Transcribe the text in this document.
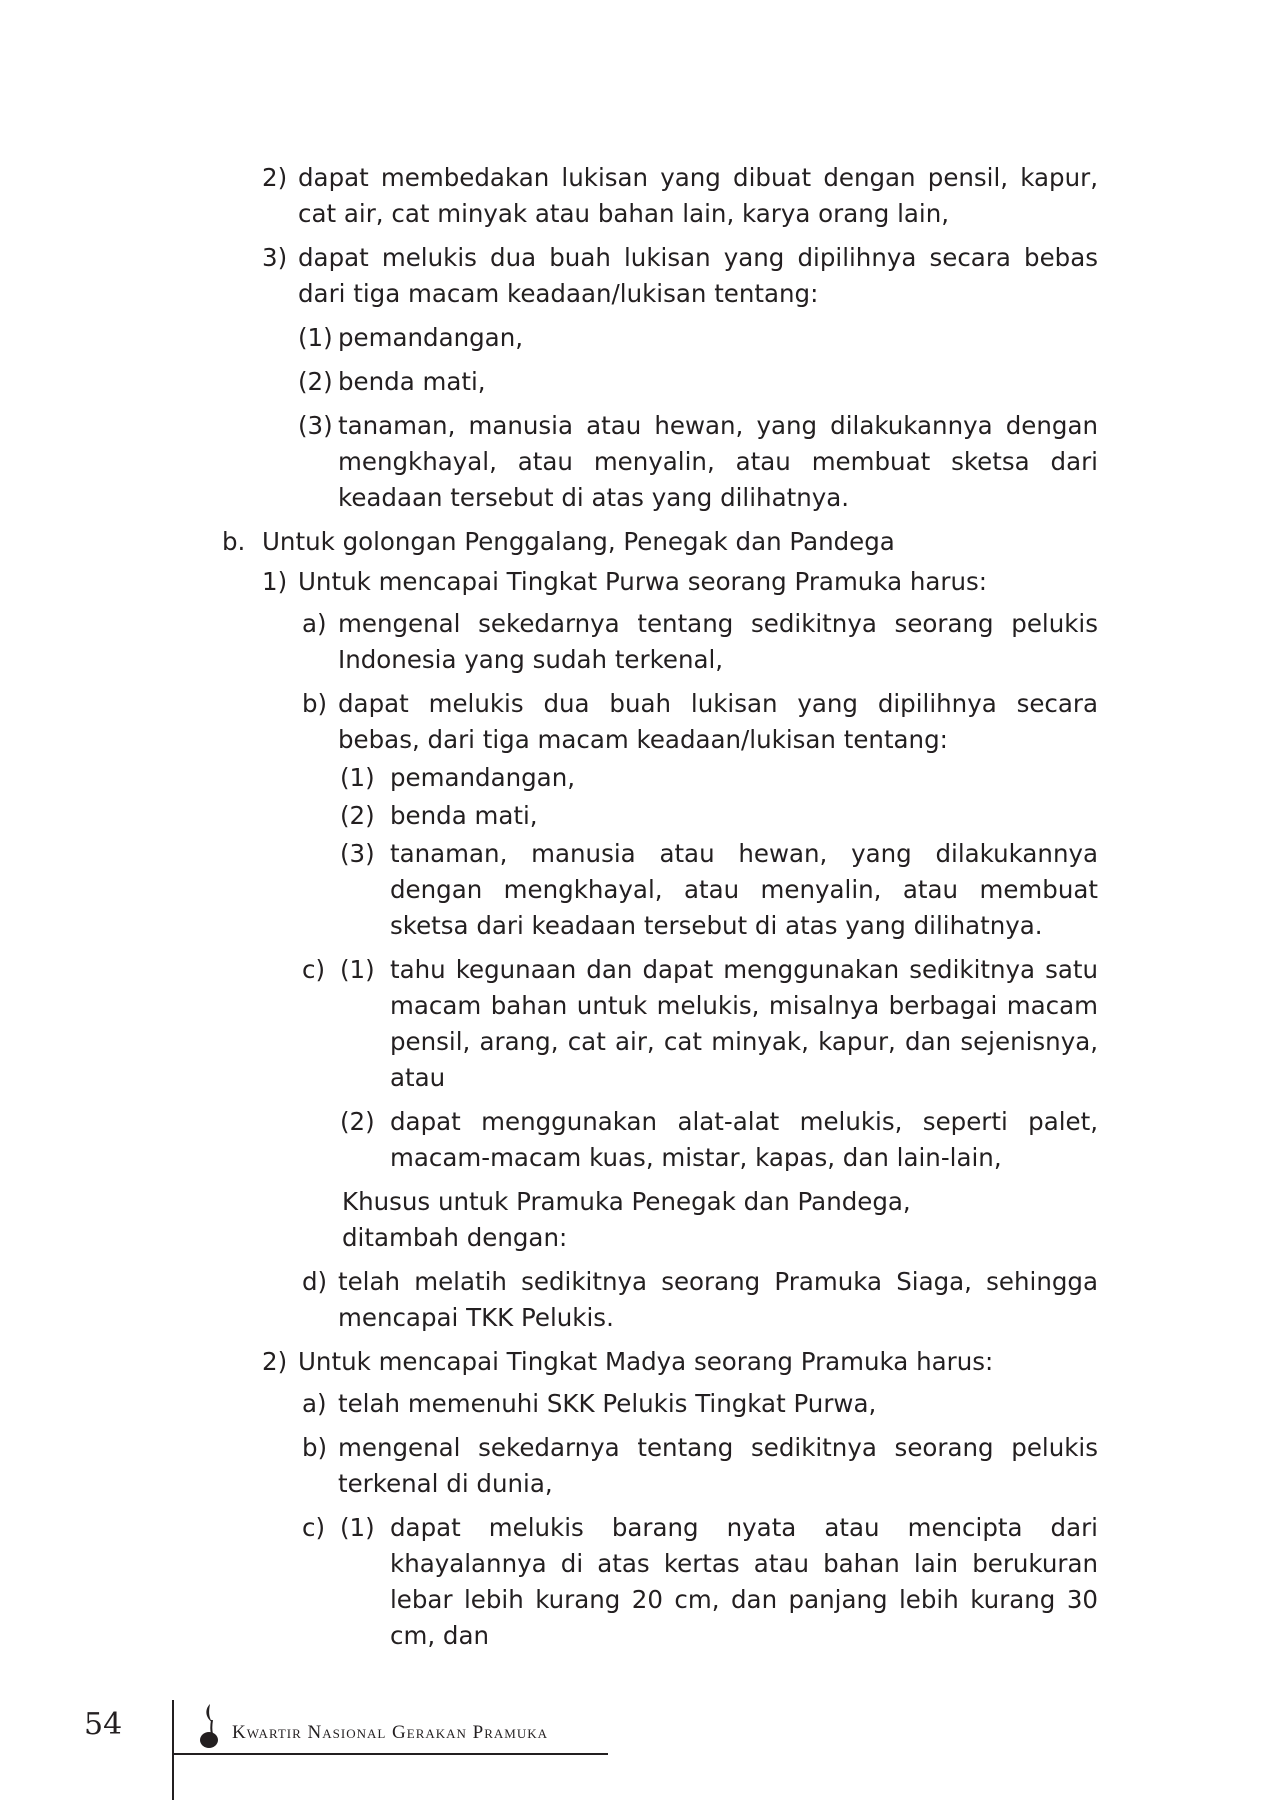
2) dapat membedakan lukisan yang dibuat dengan pensil, kapur, cat air, cat minyak atau bahan lain, karya orang lain,
3) dapat melukis dua buah lukisan yang dipilihnya secara bebas dari tiga macam keadaan/lukisan tentang:
(1) pemandangan,
(2) benda mati,
(3) tanaman, manusia atau hewan, yang dilakukannya dengan mengkhayal, atau menyalin, atau membuat sketsa dari keadaan tersebut di atas yang dilihatnya.
b. Untuk golongan Penggalang, Penegak dan Pandega
1) Untuk mencapai Tingkat Purwa seorang Pramuka harus:
a) mengenal sekedarnya tentang sedikitnya seorang pelukis Indonesia yang sudah terkenal,
b) dapat melukis dua buah lukisan yang dipilihnya secara bebas, dari tiga macam keadaan/lukisan tentang:
(1) pemandangan,
(2) benda mati,
(3) tanaman, manusia atau hewan, yang dilakukannya dengan mengkhayal, atau menyalin, atau membuat sketsa dari keadaan tersebut di atas yang dilihatnya.
c) (1) tahu kegunaan dan dapat menggunakan sedikitnya satu macam bahan untuk melukis, misalnya berbagai macam pensil, arang, cat air, cat minyak, kapur, dan sejenisnya, atau
(2) dapat menggunakan alat-alat melukis, seperti palet, macam-macam kuas, mistar, kapas, dan lain-lain,
Khusus untuk Pramuka Penegak dan Pandega, ditambah dengan:
d) telah melatih sedikitnya seorang Pramuka Siaga, sehingga mencapai TKK Pelukis.
2) Untuk mencapai Tingkat Madya seorang Pramuka harus:
a) telah memenuhi SKK Pelukis Tingkat Purwa,
b) mengenal sekedarnya tentang sedikitnya seorang pelukis terkenal di dunia,
c) (1) dapat melukis barang nyata atau mencipta dari khayalannya di atas kertas atau bahan lain berukuran lebar lebih kurang 20 cm, dan panjang lebih kurang 30 cm, dan
54	Kwartir Nasional Gerakan Pramuka
